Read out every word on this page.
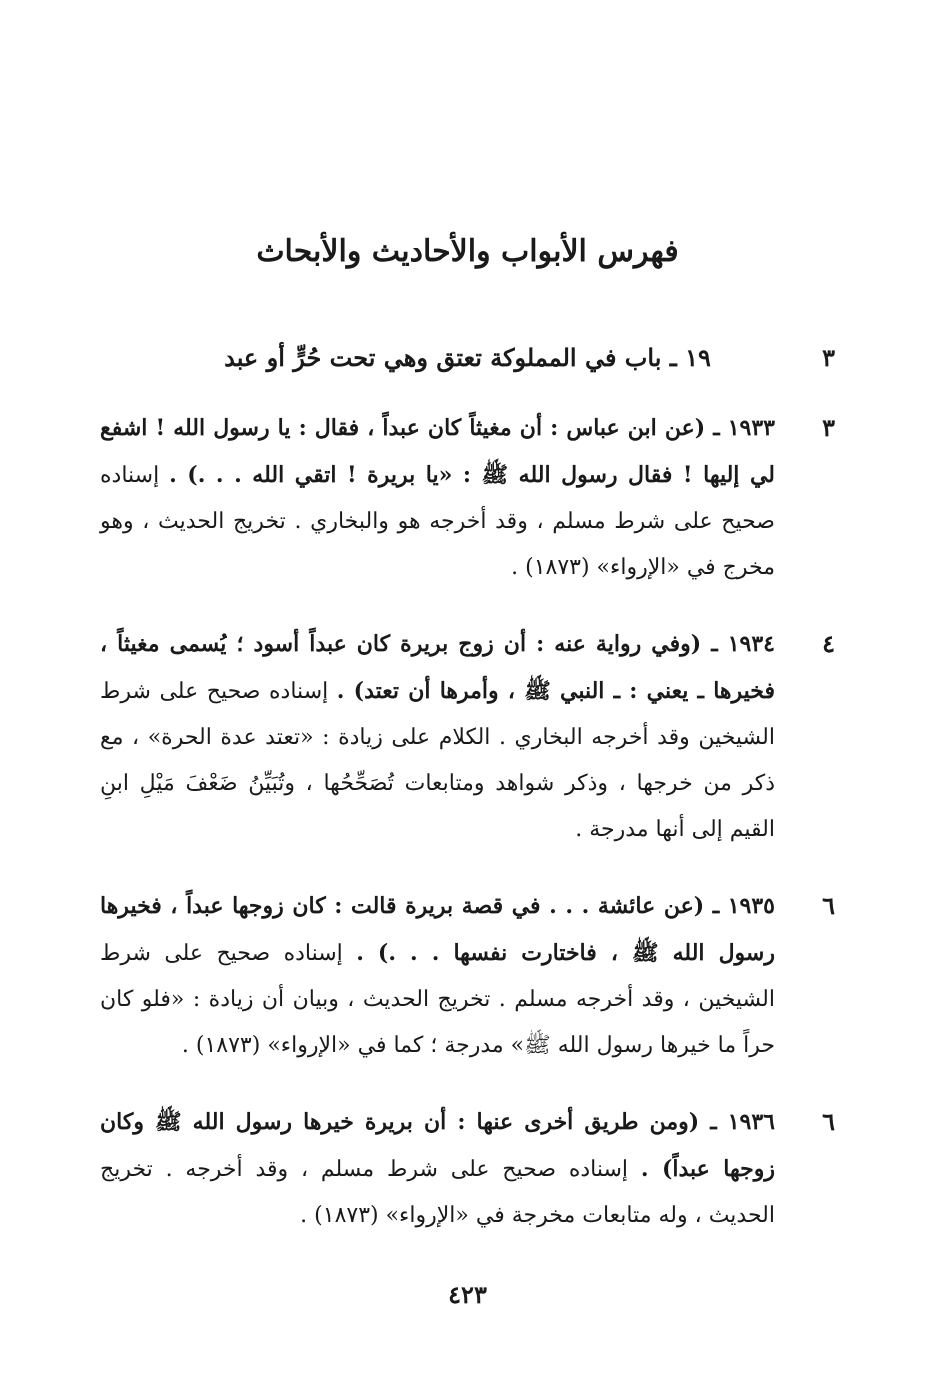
فهرس الأبواب والأحاديث والأبحاث
٣
١٩ ـ باب في المملوكة تعتق وهي تحت حُرٍّ أو عبد
٣
١٩٣٣ ـ (عن ابن عباس : أن مغيثاً كان عبداً ، فقال : يا رسول الله ! اشفع لي إليها ! فقال رسول الله ﷺ : «يا بريرة ! اتقي الله . . .) . إسناده صحيح على شرط مسلم ، وقد أخرجه هو والبخاري . تخريج الحديث ، وهو مخرج في «الإرواء» (١٨٧٣) .
٤
١٩٣٤ ـ (وفي رواية عنه : أن زوج بريرة كان عبداً أسود ؛ يُسمى مغيثاً ، فخيرها ـ يعني : ـ النبي ﷺ ، وأمرها أن تعتد) . إسناده صحيح على شرط الشيخين وقد أخرجه البخاري . الكلام على زيادة : «تعتد عدة الحرة» ، مع ذكر من خرجها ، وذكر شواهد ومتابعات تُصَحِّحُها ، وتُبَيِّنُ ضَعْفَ مَيْلِ ابنِ القيم إلى أنها مدرجة .
٦
١٩٣٥ ـ (عن عائشة . . . في قصة بريرة قالت : كان زوجها عبداً ، فخيرها رسول الله ﷺ ، فاختارت نفسها . . .) . إسناده صحيح على شرط الشيخين ، وقد أخرجه مسلم . تخريج الحديث ، وبيان أن زيادة : «فلو كان حراً ما خيرها رسول الله ﷺ» مدرجة ؛ كما في «الإرواء» (١٨٧٣) .
٦
١٩٣٦ ـ (ومن طريق أخرى عنها : أن بريرة خيرها رسول الله ﷺ وكان زوجها عبداً) . إسناده صحيح على شرط مسلم ، وقد أخرجه . تخريج الحديث ، وله متابعات مخرجة في «الإرواء» (١٨٧٣) .
٤٢٣
